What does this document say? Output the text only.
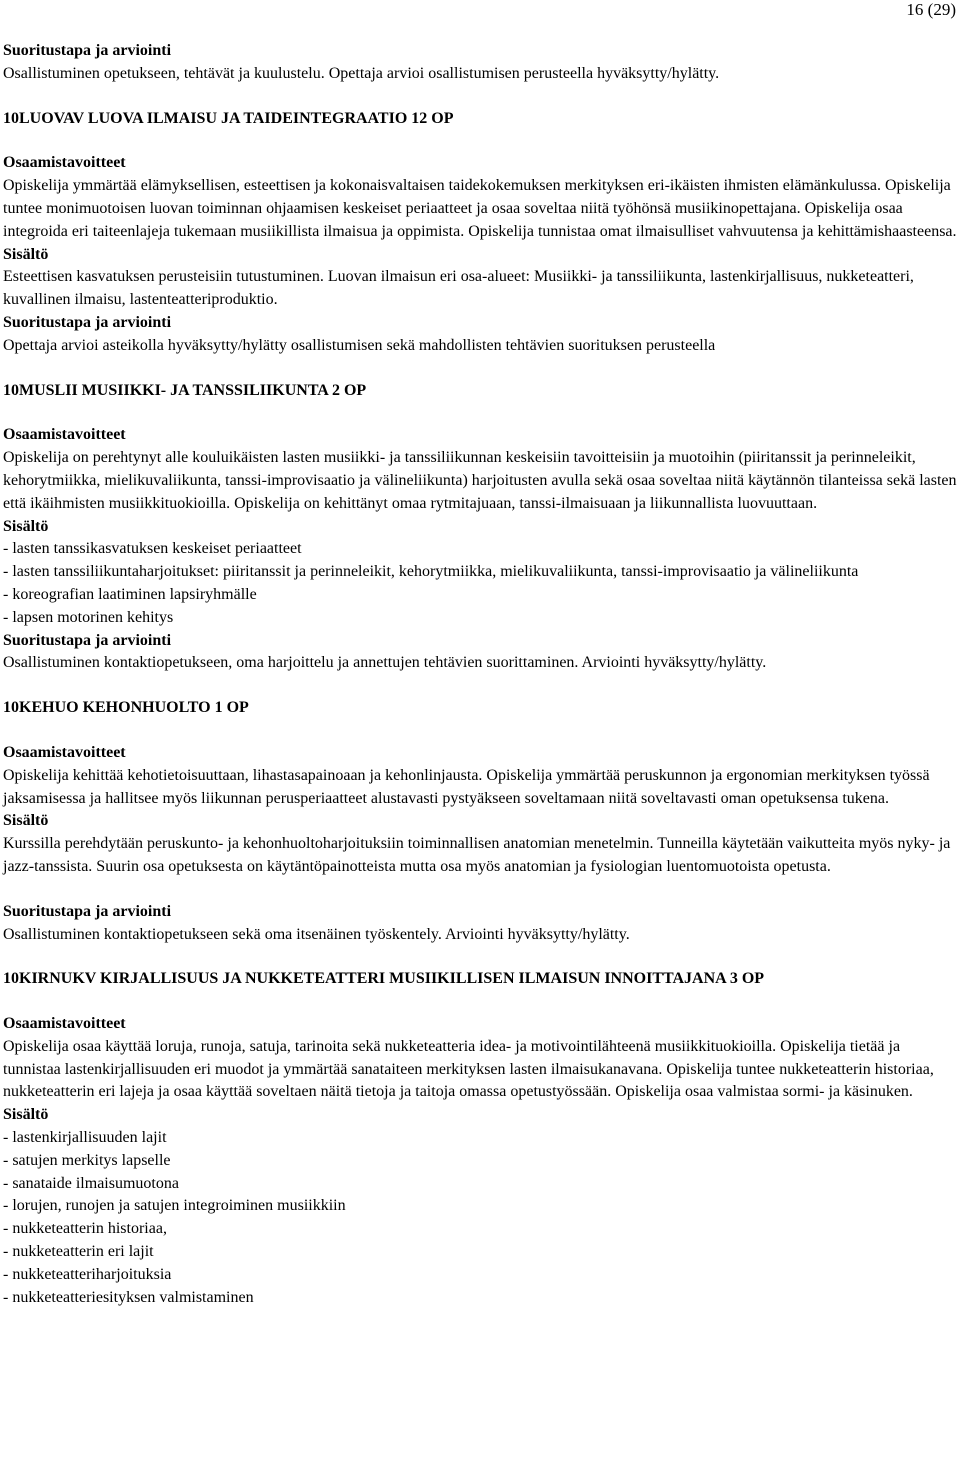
16 (29)

Suoritustapa ja arviointi

Osallistuminen opetukseen, tehtävät ja kuulustelu. Opettaja arvioi osallistumisen perusteella hyväksytty/hylätty.

10LUOVAV LUOVA ILMAISU JA TAIDEINTEGRAATIO 12 OP

Osaamistavoitteet

Opiskelija ymmärtää elämyksellisen, esteettisen ja kokonaisvaltaisen taidekokemuksen merkityksen eri-ikäisten ihmisten elämänkulussa. Opiskelija tuntee monimuotoisen luovan toiminnan ohjaamisen keskeiset periaatteet ja osaa soveltaa niitä työhönsä musiikinopettajana. Opiskelija osaa integroida eri taiteenlajeja tukemaan musiikillista ilmaisua ja oppimista. Opiskelija tunnistaa omat ilmaisulliset vahvuutensa ja kehittämishaasteensa.

Sisältö

Esteettisen kasvatuksen perusteisiin tutustuminen. Luovan ilmaisun eri osa-alueet: Musiikki- ja tanssiliikunta, lastenkirjallisuus, nukketeatteri, kuvallinen ilmaisu, lastenteatteriproduktio.

Suoritustapa ja arviointi

Opettaja arvioi asteikolla hyväksytty/hylätty osallistumisen sekä mahdollisten tehtävien suorituksen perusteella

10MUSLII MUSIIKKI- JA TANSSILIIKUNTA 2 OP

Osaamistavoitteet

Opiskelija on perehtynyt alle kouluikäisten lasten musiikki- ja tanssiliikunnan keskeisiin tavoitteisiin ja muotoihin (piiritanssit ja perinneleikit, kehorytmiikka, mielikuvaliikunta, tanssi-improvisaatio ja välineliikunta) harjoitusten avulla sekä osaa soveltaa niitä käytännön tilanteissa sekä lasten että ikäihmisten musiikkituokioilla. Opiskelija on kehittänyt omaa rytmitajuaan, tanssi-ilmaisuaan ja liikunnallista luovuuttaan.

Sisältö

- lasten tanssikasvatuksen keskeiset periaatteet
- lasten tanssiliikuntaharjoitukset: piiritanssit ja perinneleikit, kehorytmiikka, mielikuvaliikunta, tanssi-improvisaatio ja välineliikunta
- koreografian laatiminen lapsiryhmälle
- lapsen motorinen kehitys

Suoritustapa ja arviointi

Osallistuminen kontaktiopetukseen, oma harjoittelu ja annettujen tehtävien suorittaminen. Arviointi hyväksytty/hylätty.

10KEHUO KEHONHUOLTO 1 OP

Osaamistavoitteet

Opiskelija kehittää kehotietoisuuttaan, lihastasapainoaan ja kehonlinjausta. Opiskelija ymmärtää peruskunnon ja ergonomian merkityksen työssä jaksamisessa ja hallitsee myös liikunnan perusperiaatteet alustavasti pystyäkseen soveltamaan niitä soveltavasti oman opetuksensa tukena.

Sisältö

Kurssilla perehdytään peruskunto- ja kehonhuoltoharjoituksiin toiminnallisen anatomian menetelmin. Tunneilla käytetään vaikutteita myös nyky- ja jazz-tanssista. Suurin osa opetuksesta on käytäntöpainotteista mutta osa myös anatomian ja fysiologian luentomuotoista opetusta.

Suoritustapa ja arviointi

Osallistuminen kontaktiopetukseen sekä oma itsenäinen työskentely. Arviointi hyväksytty/hylätty.

10KIRNUKV KIRJALLISUUS JA NUKKETEATTERI MUSIIKILLISEN ILMAISUN INNOITTAJANA 3 OP

Osaamistavoitteet

Opiskelija osaa käyttää loruja, runoja, satuja, tarinoita sekä nukketeatteria idea- ja motivointilähteenä musiikkituokioilla. Opiskelija tietää ja tunnistaa lastenkirjallisuuden eri muodot ja ymmärtää sanataiteen merkityksen lasten ilmaisukanavana. Opiskelija tuntee nukketeatterin historiaa, nukketeatterin eri lajeja ja osaa käyttää soveltaen näitä tietoja ja taitoja omassa opetustyössään. Opiskelija osaa valmistaa sormi- ja käsinuken.

Sisältö

- lastenkirjallisuuden lajit
- satujen merkitys lapselle
- sanataide ilmaisumuotona
- lorujen, runojen ja satujen integroiminen musiikkiin
- nukketeatterin historiaa,
- nukketeatterin eri lajit
- nukketeatteriharjoituksia
- nukketeatteriesityksen valmistaminen
